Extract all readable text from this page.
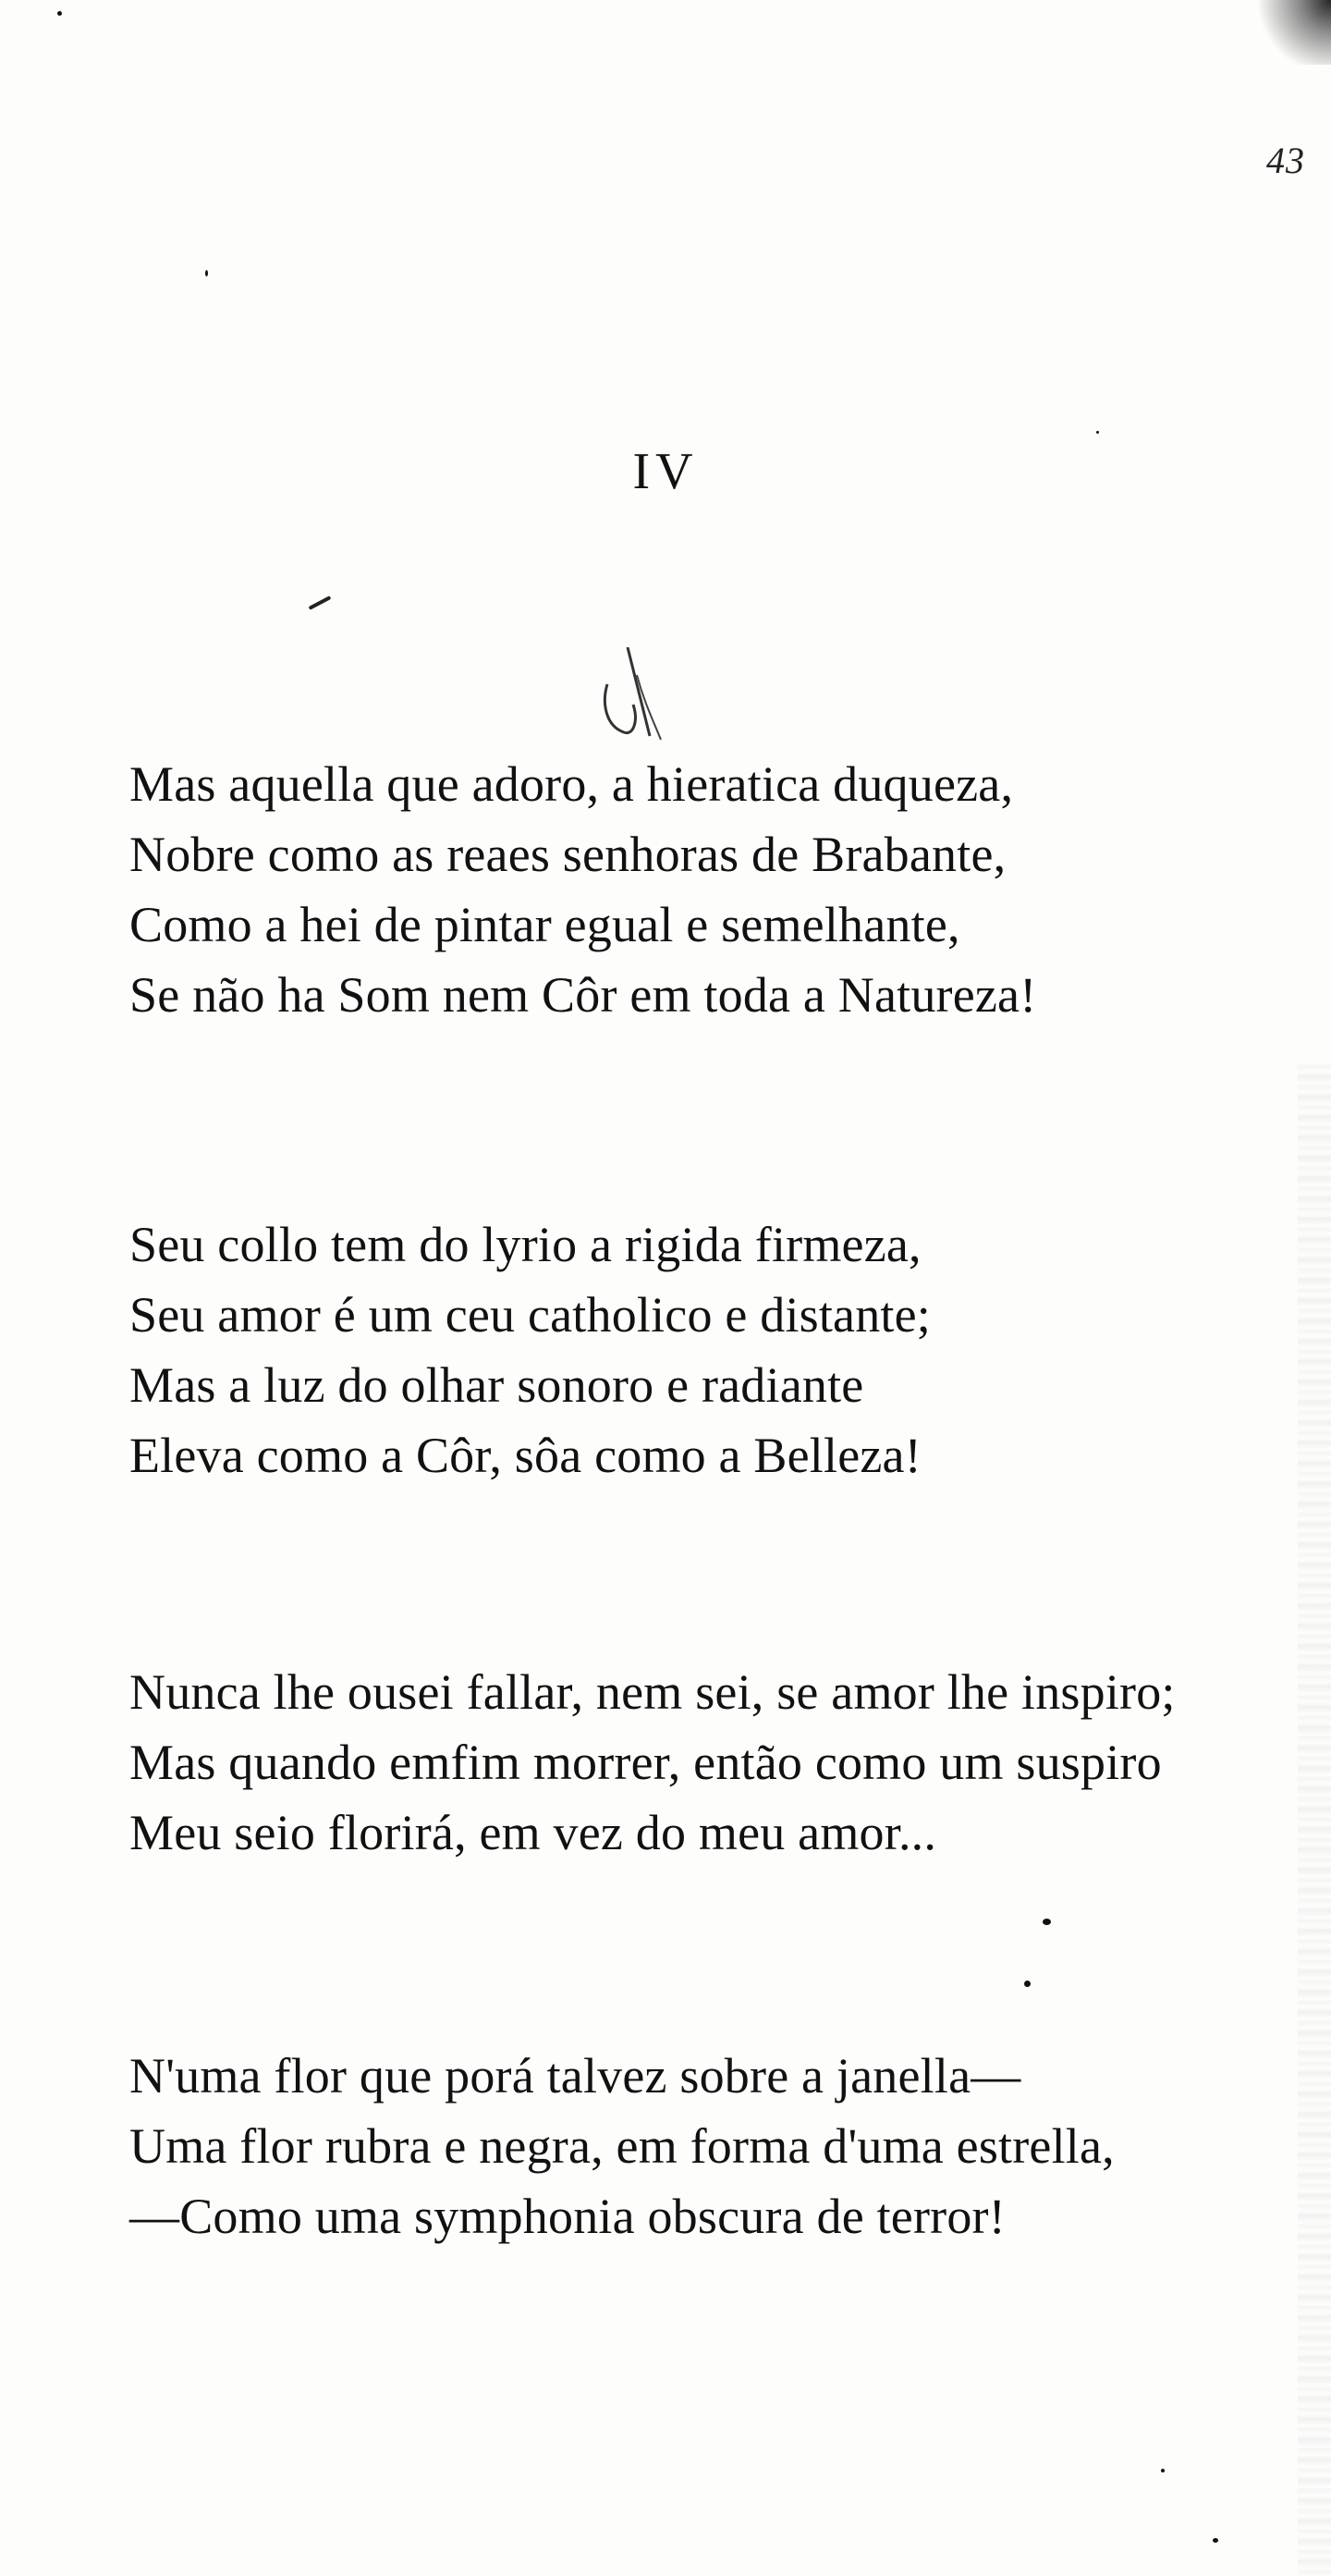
43
IV
Mas aquella que adoro, a hieratica duqueza,
Nobre como as reaes senhoras de Brabante,
Como a hei de pintar egual e semelhante,
Se não ha Som nem Côr em toda a Natureza!
Seu collo tem do lyrio a rigida firmeza,
Seu amor é um ceu catholico e distante;
Mas a luz do olhar sonoro e radiante
Eleva como a Côr, sôa como a Belleza!
Nunca lhe ousei fallar, nem sei, se amor lhe inspiro;
Mas quando emfim morrer, então como um suspiro
Meu seio florirá, em vez do meu amor...
N'uma flor que porá talvez sobre a janella—
Uma flor rubra e negra, em forma d'uma estrella,
—Como uma symphonia obscura de terror!
